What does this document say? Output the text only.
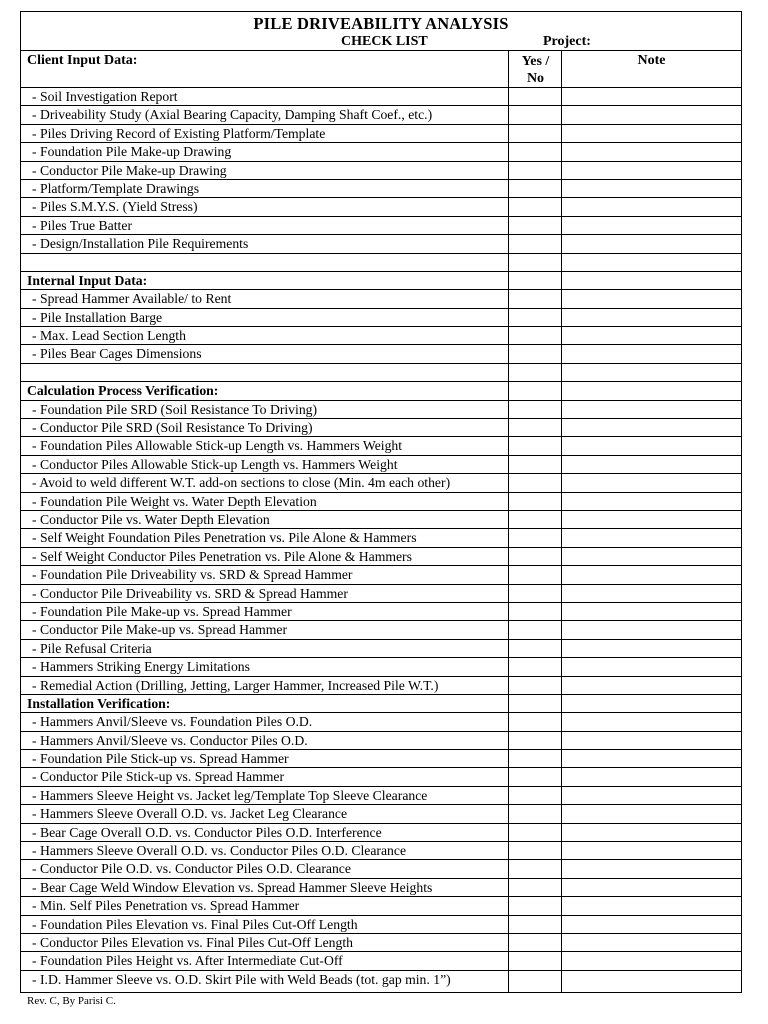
PILE DRIVEABILITY ANALYSIS
CHECK LIST	Project:
Client Input Data:	Yes /
No
Note
- Soil Investigation Report
- Driveability Study (Axial Bearing Capacity, Damping Shaft Coef., etc.)
- Piles Driving Record of Existing Platform/Template
- Foundation Pile Make-up Drawing
- Conductor Pile Make-up Drawing
- Platform/Template Drawings
- Piles S.M.Y.S. (Yield Stress)
- Piles True Batter
- Design/Installation Pile Requirements
Internal Input Data:
- Spread Hammer Available/ to Rent
- Pile Installation Barge
- Max. Lead Section Length
- Piles Bear Cages Dimensions
Calculation Process Verification:
- Foundation Pile SRD (Soil Resistance To Driving)
- Conductor Pile SRD (Soil Resistance To Driving)
- Foundation Piles Allowable Stick-up Length vs. Hammers Weight
- Conductor Piles Allowable Stick-up Length vs. Hammers Weight
- Avoid to weld different W.T. add-on sections to close (Min. 4m each other)
- Foundation Pile Weight vs. Water Depth Elevation
- Conductor Pile vs. Water Depth Elevation
- Self Weight Foundation Piles Penetration vs. Pile Alone & Hammers
- Self Weight Conductor Piles Penetration vs. Pile Alone & Hammers
- Foundation Pile Driveability vs. SRD & Spread Hammer
- Conductor Pile Driveability vs. SRD & Spread Hammer
- Foundation Pile Make-up vs. Spread Hammer
- Conductor Pile Make-up vs. Spread Hammer
- Pile Refusal Criteria
- Hammers Striking Energy Limitations
- Remedial Action (Drilling, Jetting, Larger Hammer, Increased Pile W.T.)
Installation Verification:
- Hammers Anvil/Sleeve vs. Foundation Piles O.D.
- Hammers Anvil/Sleeve vs. Conductor Piles O.D.
- Foundation Pile Stick-up vs. Spread Hammer
- Conductor Pile Stick-up vs. Spread Hammer
- Hammers Sleeve Height vs. Jacket leg/Template Top Sleeve Clearance
- Hammers Sleeve Overall O.D. vs. Jacket Leg Clearance
- Bear Cage Overall O.D. vs. Conductor Piles O.D. Interference
- Hammers Sleeve Overall O.D. vs. Conductor Piles O.D. Clearance
- Conductor Pile O.D. vs. Conductor Piles O.D. Clearance
- Bear Cage Weld Window Elevation vs. Spread Hammer Sleeve Heights
- Min. Self Piles Penetration vs. Spread Hammer
- Foundation Piles Elevation vs. Final Piles Cut-Off Length
- Conductor Piles Elevation vs. Final Piles Cut-Off Length
- Foundation Piles Height vs. After Intermediate Cut-Off
- I.D. Hammer Sleeve vs. O.D. Skirt Pile with Weld Beads (tot. gap min. 1”)
Rev. C, By Parisi C.
